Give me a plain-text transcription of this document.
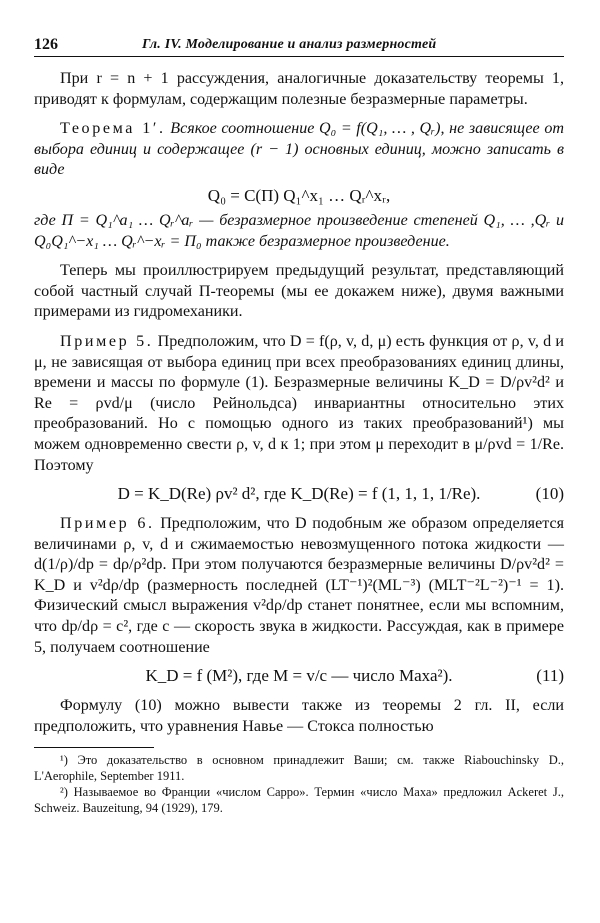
126	Гл. IV. Моделирование и анализ размерностей

При r = n + 1 рассуждения, аналогичные доказательству теоремы 1, приводят к формулам, содержащим полезные безразмерные параметры.

Теорема 1′. Всякое соотношение Q₀ = f(Q₁, … , Qᵣ), не зависящее от выбора единиц и содержащее (r − 1) основных единиц, можно записать в виде

Q₀ = C(Π) Q₁^x₁ … Qᵣ^xᵣ,

где Π = Q₁^a₁ … Qᵣ^aᵣ — безразмерное произведение степеней Q₁, … ,Qᵣ и Q₀Q₁^−x₁ … Qᵣ^−xᵣ = Π₀ также безразмерное произведение.

Теперь мы проиллюстрируем предыдущий результат, представляющий собой частный случай Π-теоремы (мы ее докажем ниже), двумя важными примерами из гидромеханики.

Пример 5. Предположим, что D = f(ρ, v, d, μ) есть функция от ρ, v, d и μ, не зависящая от выбора единиц при всех преобразованиях единиц длины, времени и массы по формуле (1). Безразмерные величины K_D = D/ρv²d² и Re = ρvd/μ (число Рейнольдса) инвариантны относительно этих преобразований. Но с помощью одного из таких преобразований¹) мы можем одновременно свести ρ, v, d к 1; при этом μ переходит в μ/ρvd = 1/Re. Поэтому

D = K_D(Re) ρv² d², где K_D(Re) = f (1, 1, 1, 1/Re).	(10)

Пример 6. Предположим, что D подобным же образом определяется величинами ρ, v, d и сжимаемостью невозмущенного потока жидкости — d(1/ρ)/dp = dρ/ρ²dp. При этом получаются безразмерные величины D/ρv²d² = K_D и v²dρ/dp (размерность последней (LT⁻¹)²(ML⁻³) (MLT⁻²L⁻²)⁻¹ = 1). Физический смысл выражения v²dρ/dp станет понятнее, если мы вспомним, что dp/dρ = c², где c — скорость звука в жидкости. Рассуждая, как в примере 5, получаем соотношение

K_D = f (M²), где M = v/c — число Маха²).	(11)

Формулу (10) можно вывести также из теоремы 2 гл. II, если предположить, что уравнения Навье — Стокса полностью

¹) Это доказательство в основном принадлежит Ваши; см. также Riabouchinsky D., L'Aerophile, September 1911.

²) Называемое во Франции «числом Сарро». Термин «число Маха» предложил Ackeret J., Schweiz. Bauzeitung, 94 (1929), 179.
